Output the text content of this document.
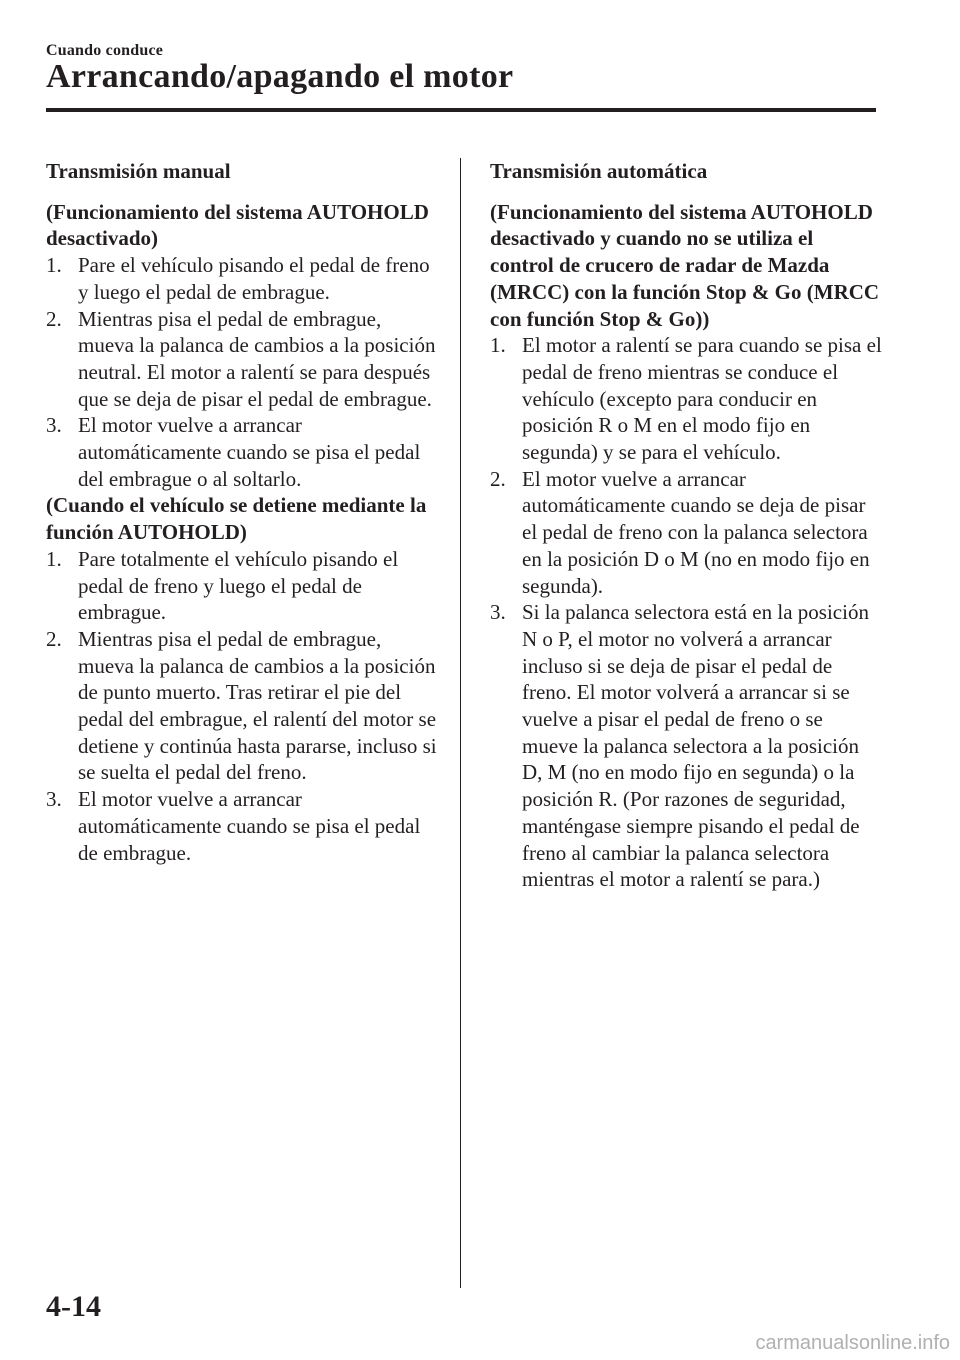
Cuando conduce
Arrancando/apagando el motor

Transmisión manual

(Funcionamiento del sistema AUTOHOLD desactivado)

1. Pare el vehículo pisando el pedal de freno y luego el pedal de embrague.
2. Mientras pisa el pedal de embrague, mueva la palanca de cambios a la posición neutral. El motor a ralentí se para después que se deja de pisar el pedal de embrague.
3. El motor vuelve a arrancar automáticamente cuando se pisa el pedal del embrague o al soltarlo.

(Cuando el vehículo se detiene mediante la función AUTOHOLD)

1. Pare totalmente el vehículo pisando el pedal de freno y luego el pedal de embrague.
2. Mientras pisa el pedal de embrague, mueva la palanca de cambios a la posición de punto muerto. Tras retirar el pie del pedal del embrague, el ralentí del motor se detiene y continúa hasta pararse, incluso si se suelta el pedal del freno.
3. El motor vuelve a arrancar automáticamente cuando se pisa el pedal de embrague.

Transmisión automática

(Funcionamiento del sistema AUTOHOLD desactivado y cuando no se utiliza el control de crucero de radar de Mazda (MRCC) con la función Stop & Go (MRCC con función Stop & Go))

1. El motor a ralentí se para cuando se pisa el pedal de freno mientras se conduce el vehículo (excepto para conducir en posición R o M en el modo fijo en segunda) y se para el vehículo.
2. El motor vuelve a arrancar automáticamente cuando se deja de pisar el pedal de freno con la palanca selectora en la posición D o M (no en modo fijo en segunda).
3. Si la palanca selectora está en la posición N o P, el motor no volverá a arrancar incluso si se deja de pisar el pedal de freno. El motor volverá a arrancar si se vuelve a pisar el pedal de freno o se mueve la palanca selectora a la posición D, M (no en modo fijo en segunda) o la posición R. (Por razones de seguridad, manténgase siempre pisando el pedal de freno al cambiar la palanca selectora mientras el motor a ralentí se para.)
4-14
carmanualsonline.info
